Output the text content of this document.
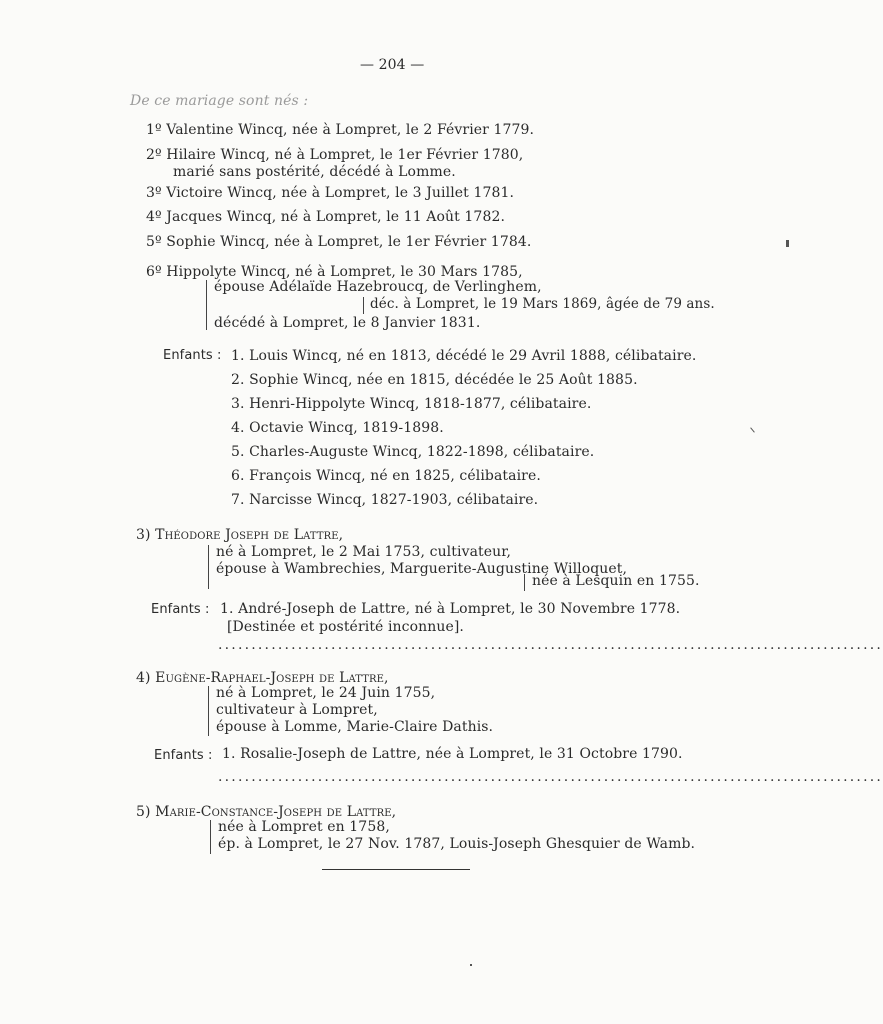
— 204 —
De ce mariage sont nés :
1º Valentine Wincq, née à Lompret, le 2 Février 1779.
2º Hilaire Wincq, né à Lompret, le 1er Février 1780,
marié sans postérité, décédé à Lomme.
3º Victoire Wincq, née à Lompret, le 3 Juillet 1781.
4º Jacques Wincq, né à Lompret, le 11 Août 1782.
5º Sophie Wincq, née à Lompret, le 1er Février 1784.
6º Hippolyte Wincq, né à Lompret, le 30 Mars 1785,
épouse Adélaïde Hazebroucq, de Verlinghem,
déc. à Lompret, le 19 Mars 1869, âgée de 79 ans.
décédé à Lompret, le 8 Janvier 1831.
Enfants : 1. Louis Wincq, né en 1813, décédé le 29 Avril 1888, célibataire.
2. Sophie Wincq, née en 1815, décédée le 25 Août 1885.
3. Henri-Hippolyte Wincq, 1818-1877, célibataire.
4. Octavie Wincq, 1819-1898.
5. Charles-Auguste Wincq, 1822-1898, célibataire.
6. François Wincq, né en 1825, célibataire.
7. Narcisse Wincq, 1827-1903, célibataire.
3) Théodore Joseph de Lattre,
né à Lompret, le 2 Mai 1753, cultivateur,
épouse à Wambrechies, Marguerite-Augustine Willoquet,
née à Lesquin en 1755.
Enfants : 1. André-Joseph de Lattre, né à Lompret, le 30 Novembre 1778.
[Destinée et postérité inconnue].
....................................................................................................
4) Eugène-Raphael-Joseph de Lattre,
né à Lompret, le 24 Juin 1755,
cultivateur à Lompret,
épouse à Lomme, Marie-Claire Dathis.
Enfants : 1. Rosalie-Joseph de Lattre, née à Lompret, le 31 Octobre 1790.
....................................................................................................
5) Marie-Constance-Joseph de Lattre,
née à Lompret en 1758,
ép. à Lompret, le 27 Nov. 1787, Louis-Joseph Ghesquier de Wamb.
